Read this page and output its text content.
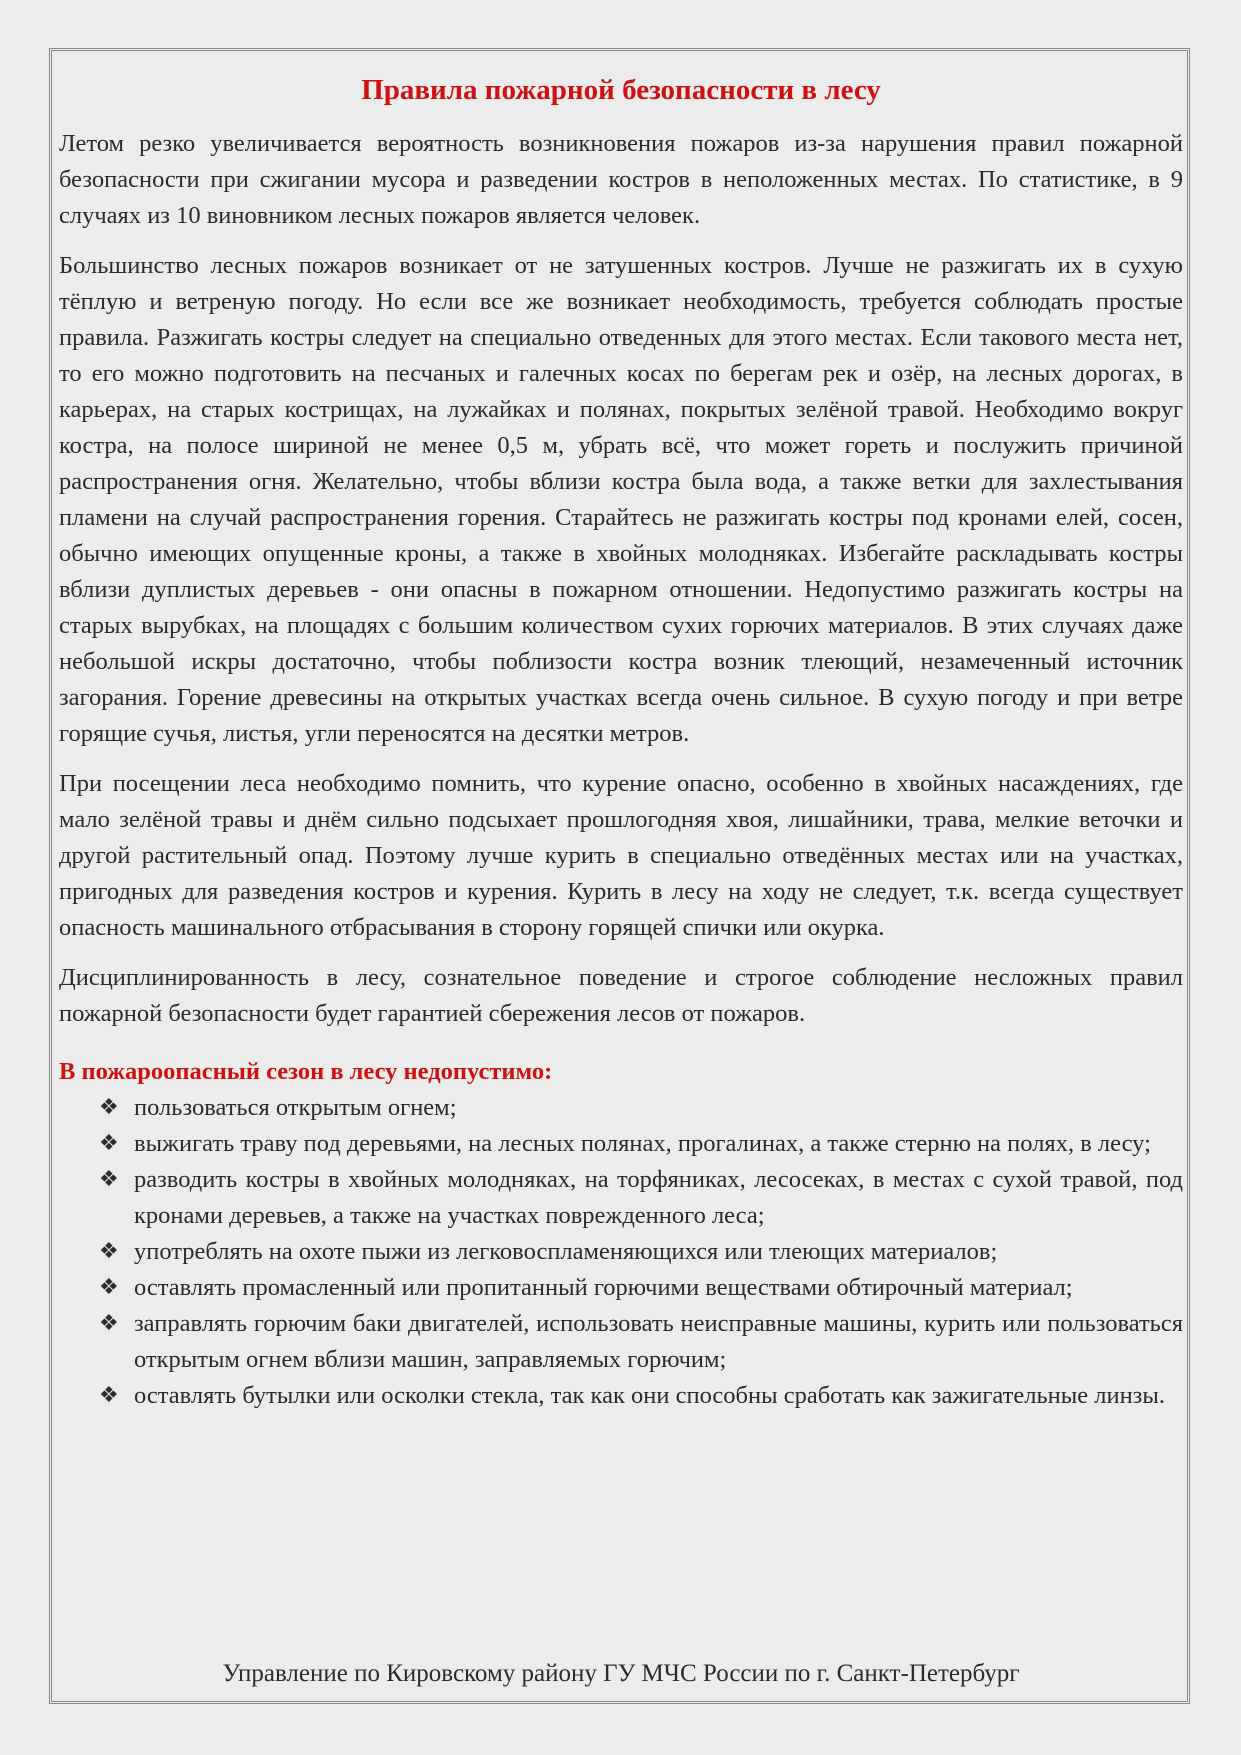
Правила пожарной безопасности в лесу

Летом резко увеличивается вероятность возникновения пожаров из-за нарушения правил пожарной безопасности при сжигании мусора и разведении костров в неположенных местах. По статистике, в 9 случаях из 10 виновником лесных пожаров является человек.

Большинство лесных пожаров возникает от не затушенных костров. Лучше не разжигать их в сухую тёплую и ветреную погоду. Но если все же возникает необходимость, требуется соблюдать простые правила. Разжигать костры следует на специально отведенных для этого местах. Если такового места нет, то его можно подготовить на песчаных и галечных косах по берегам рек и озёр, на лесных дорогах, в карьерах, на старых кострищах, на лужайках и полянах, покрытых зелёной травой. Необходимо вокруг костра, на полосе шириной не менее 0,5 м, убрать всё, что может гореть и послужить причиной распространения огня. Желательно, чтобы вблизи костра была вода, а также ветки для захлестывания пламени на случай распространения горения. Старайтесь не разжигать костры под кронами елей, сосен, обычно имеющих опущенные кроны, а также в хвойных молодняках. Избегайте раскладывать костры вблизи дуплистых деревьев - они опасны в пожарном отношении. Недопустимо разжигать костры на старых вырубках, на площадях с большим количеством сухих горючих материалов. В этих случаях даже небольшой искры достаточно, чтобы поблизости костра возник тлеющий, незамеченный источник загорания. Горение древесины на открытых участках всегда очень сильное. В сухую погоду и при ветре горящие сучья, листья, угли переносятся на десятки метров.

При посещении леса необходимо помнить, что курение опасно, особенно в хвойных насаждениях, где мало зелёной травы и днём сильно подсыхает прошлогодняя хвоя, лишайники, трава, мелкие веточки и другой растительный опад. Поэтому лучше курить в специально отведённых местах или на участках, пригодных для разведения костров и курения. Курить в лесу на ходу не следует, т.к. всегда существует опасность машинального отбрасывания в сторону горящей спички или окурка.

Дисциплинированность в лесу, сознательное поведение и строгое соблюдение несложных правил пожарной безопасности будет гарантией сбережения лесов от пожаров.

В пожароопасный сезон в лесу недопустимо:
❖ пользоваться открытым огнем;
❖ выжигать траву под деревьями, на лесных полянах, прогалинах, а также стерню на полях, в лесу;
❖ разводить костры в хвойных молодняках, на торфяниках, лесосеках, в местах с сухой травой, под кронами деревьев, а также на участках поврежденного леса;
❖ употреблять на охоте пыжи из легковоспламеняющихся или тлеющих материалов;
❖ оставлять промасленный или пропитанный горючими веществами обтирочный материал;
❖ заправлять горючим баки двигателей, использовать неисправные машины, курить или пользоваться открытым огнем вблизи машин, заправляемых горючим;
❖ оставлять бутылки или осколки стекла, так как они способны сработать как зажигательные линзы.
Управление по Кировскому району ГУ МЧС России по г. Санкт-Петербург
